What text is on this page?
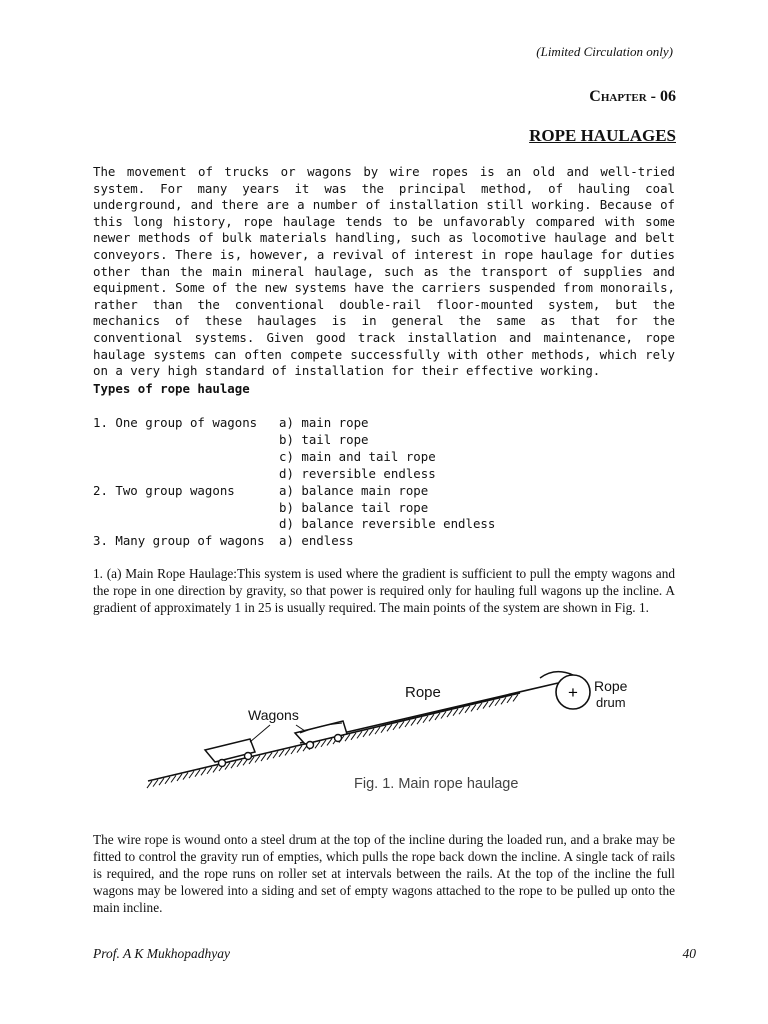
(Limited Circulation only)
Chapter - 06
ROPE HAULAGES

The movement of trucks or wagons by wire ropes is an old and well-tried system. For many years it was the principal method, of hauling coal underground, and there are a number of installation still working. Because of this long history, rope haulage tends to be unfavorably compared with some newer methods of bulk materials handling, such as locomotive haulage and belt conveyors. There is, however, a revival of interest in rope haulage for duties other than the main mineral haulage, such as the transport of supplies and equipment. Some of the new systems have the carriers suspended from monorails, rather than the conventional double-rail floor-mounted system, but the mechanics of these haulages is in general the same as that for the conventional systems. Given good track installation and maintenance, rope haulage systems can often compete successfully with other methods, which rely on a very high standard of installation for their effective working.

Types of rope haulage
1. One group of wagons a) main rope
b) tail rope
c) main and tail rope
d) reversible endless
2. Two group wagons	a) balance main rope
b) balance tail rope
d) balance reversible endless
3. Many group of wagons a) endless

1. (a) Main Rope Haulage:This system is used where the gradient is sufficient to pull the empty wagons and the rope in one direction by gravity, so that power is required only for hauling full wagons up the incline. A gradient of approximately 1 in 25 is usually required. The main points of the system are shown in Fig. 1.

+
Rope
Wagons
Rope
drum
Fig. 1. Main rope haulage

The wire rope is wound onto a steel drum at the top of the incline during the loaded run, and a brake may be fitted to control the gravity run of empties, which pulls the rope back down the incline. A single tack of rails is required, and the rope runs on roller set at intervals between the rails. At the top of the incline the full wagons may be lowered into a siding and set of empty wagons attached to the rope to be pulled up onto the main incline.

Prof. A K Mukhopadhyay	40
